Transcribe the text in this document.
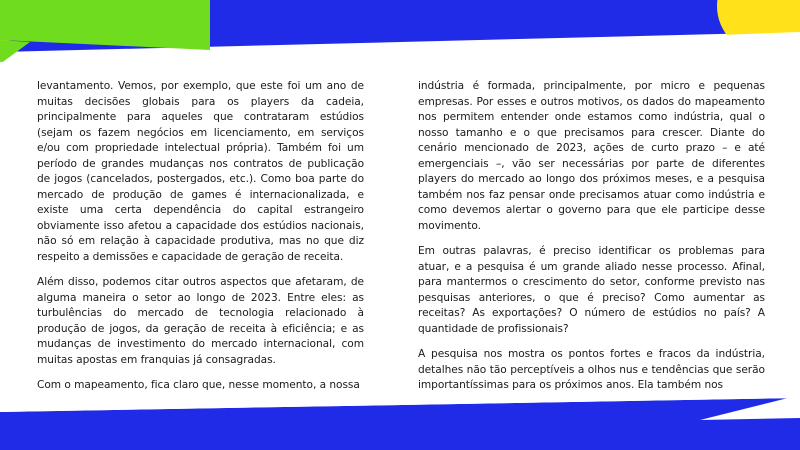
levantamento. Vemos, por exemplo, que este foi um ano de muitas decisões globais para os players da cadeia, principalmente para aqueles que contrataram estúdios (sejam os fazem negócios em licenciamento, em serviços e/ou com propriedade intelectual própria). Também foi um período de grandes mudanças nos contratos de publicação de jogos (cancelados, postergados, etc.). Como boa parte do mercado de produção de games é internacionalizada, e existe uma certa dependência do capital estrangeiro obviamente isso afetou a capacidade dos estúdios nacionais, não só em relação à capacidade produtiva, mas no que diz respeito a demissões e capacidade de geração de receita.

Além disso, podemos citar outros aspectos que afetaram, de alguma maneira o setor ao longo de 2023. Entre eles: as turbulências do mercado de tecnologia relacionado à produção de jogos, da geração de receita à eficiência; e as mudanças de investimento do mercado internacional, com muitas apostas em franquias já consagradas.

Com o mapeamento, fica claro que, nesse momento, a nossa

indústria é formada, principalmente, por micro e pequenas empresas. Por esses e outros motivos, os dados do mapeamento nos permitem entender onde estamos como indústria, qual o nosso tamanho e o que precisamos para crescer. Diante do cenário mencionado de 2023, ações de curto prazo – e até emergenciais –, vão ser necessárias por parte de diferentes players do mercado ao longo dos próximos meses, e a pesquisa também nos faz pensar onde precisamos atuar como indústria e como devemos alertar o governo para que ele participe desse movimento.

Em outras palavras, é preciso identificar os problemas para atuar, e a pesquisa é um grande aliado nesse processo. Afinal, para mantermos o crescimento do setor, conforme previsto nas pesquisas anteriores, o que é preciso? Como aumentar as receitas? As exportações? O número de estúdios no país? A quantidade de profissionais?

A pesquisa nos mostra os pontos fortes e fracos da indústria, detalhes não tão perceptíveis a olhos nus e tendências que serão importantíssimas para os próximos anos. Ela também nos
